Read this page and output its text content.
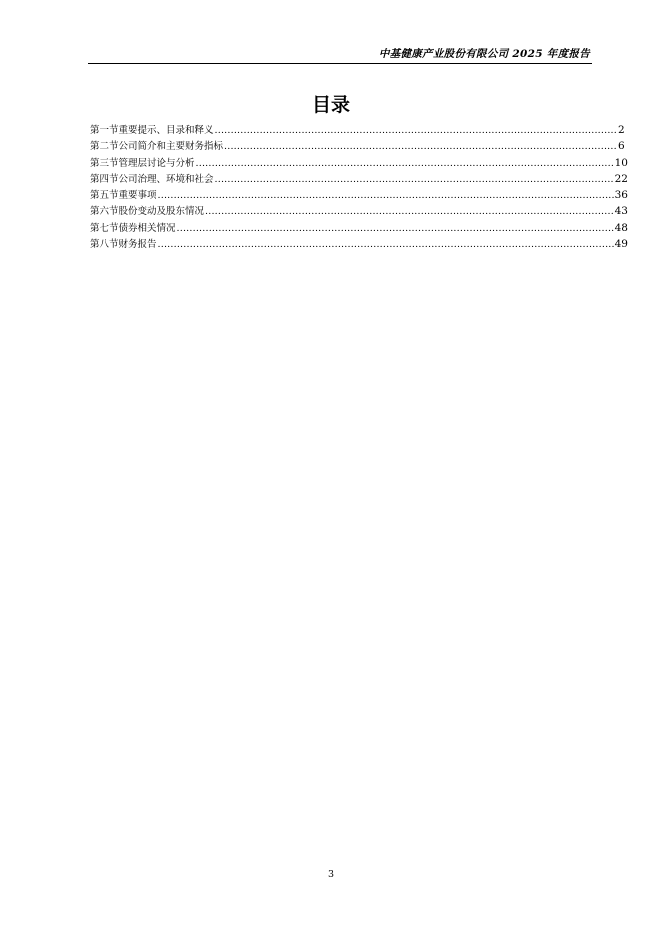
中基健康产业股份有限公司 2025 年度报告
目录
第一节重要提示、目录和释义 .....	2
第二节公司简介和主要财务指标 .....	6
第三节管理层讨论与分析 .....	10
第四节公司治理、环境和社会 .....	22
第五节重要事项 .....	36
第六节股份变动及股东情况 .....	43
第七节债券相关情况 .....	48
第八节财务报告 .....	49
3
